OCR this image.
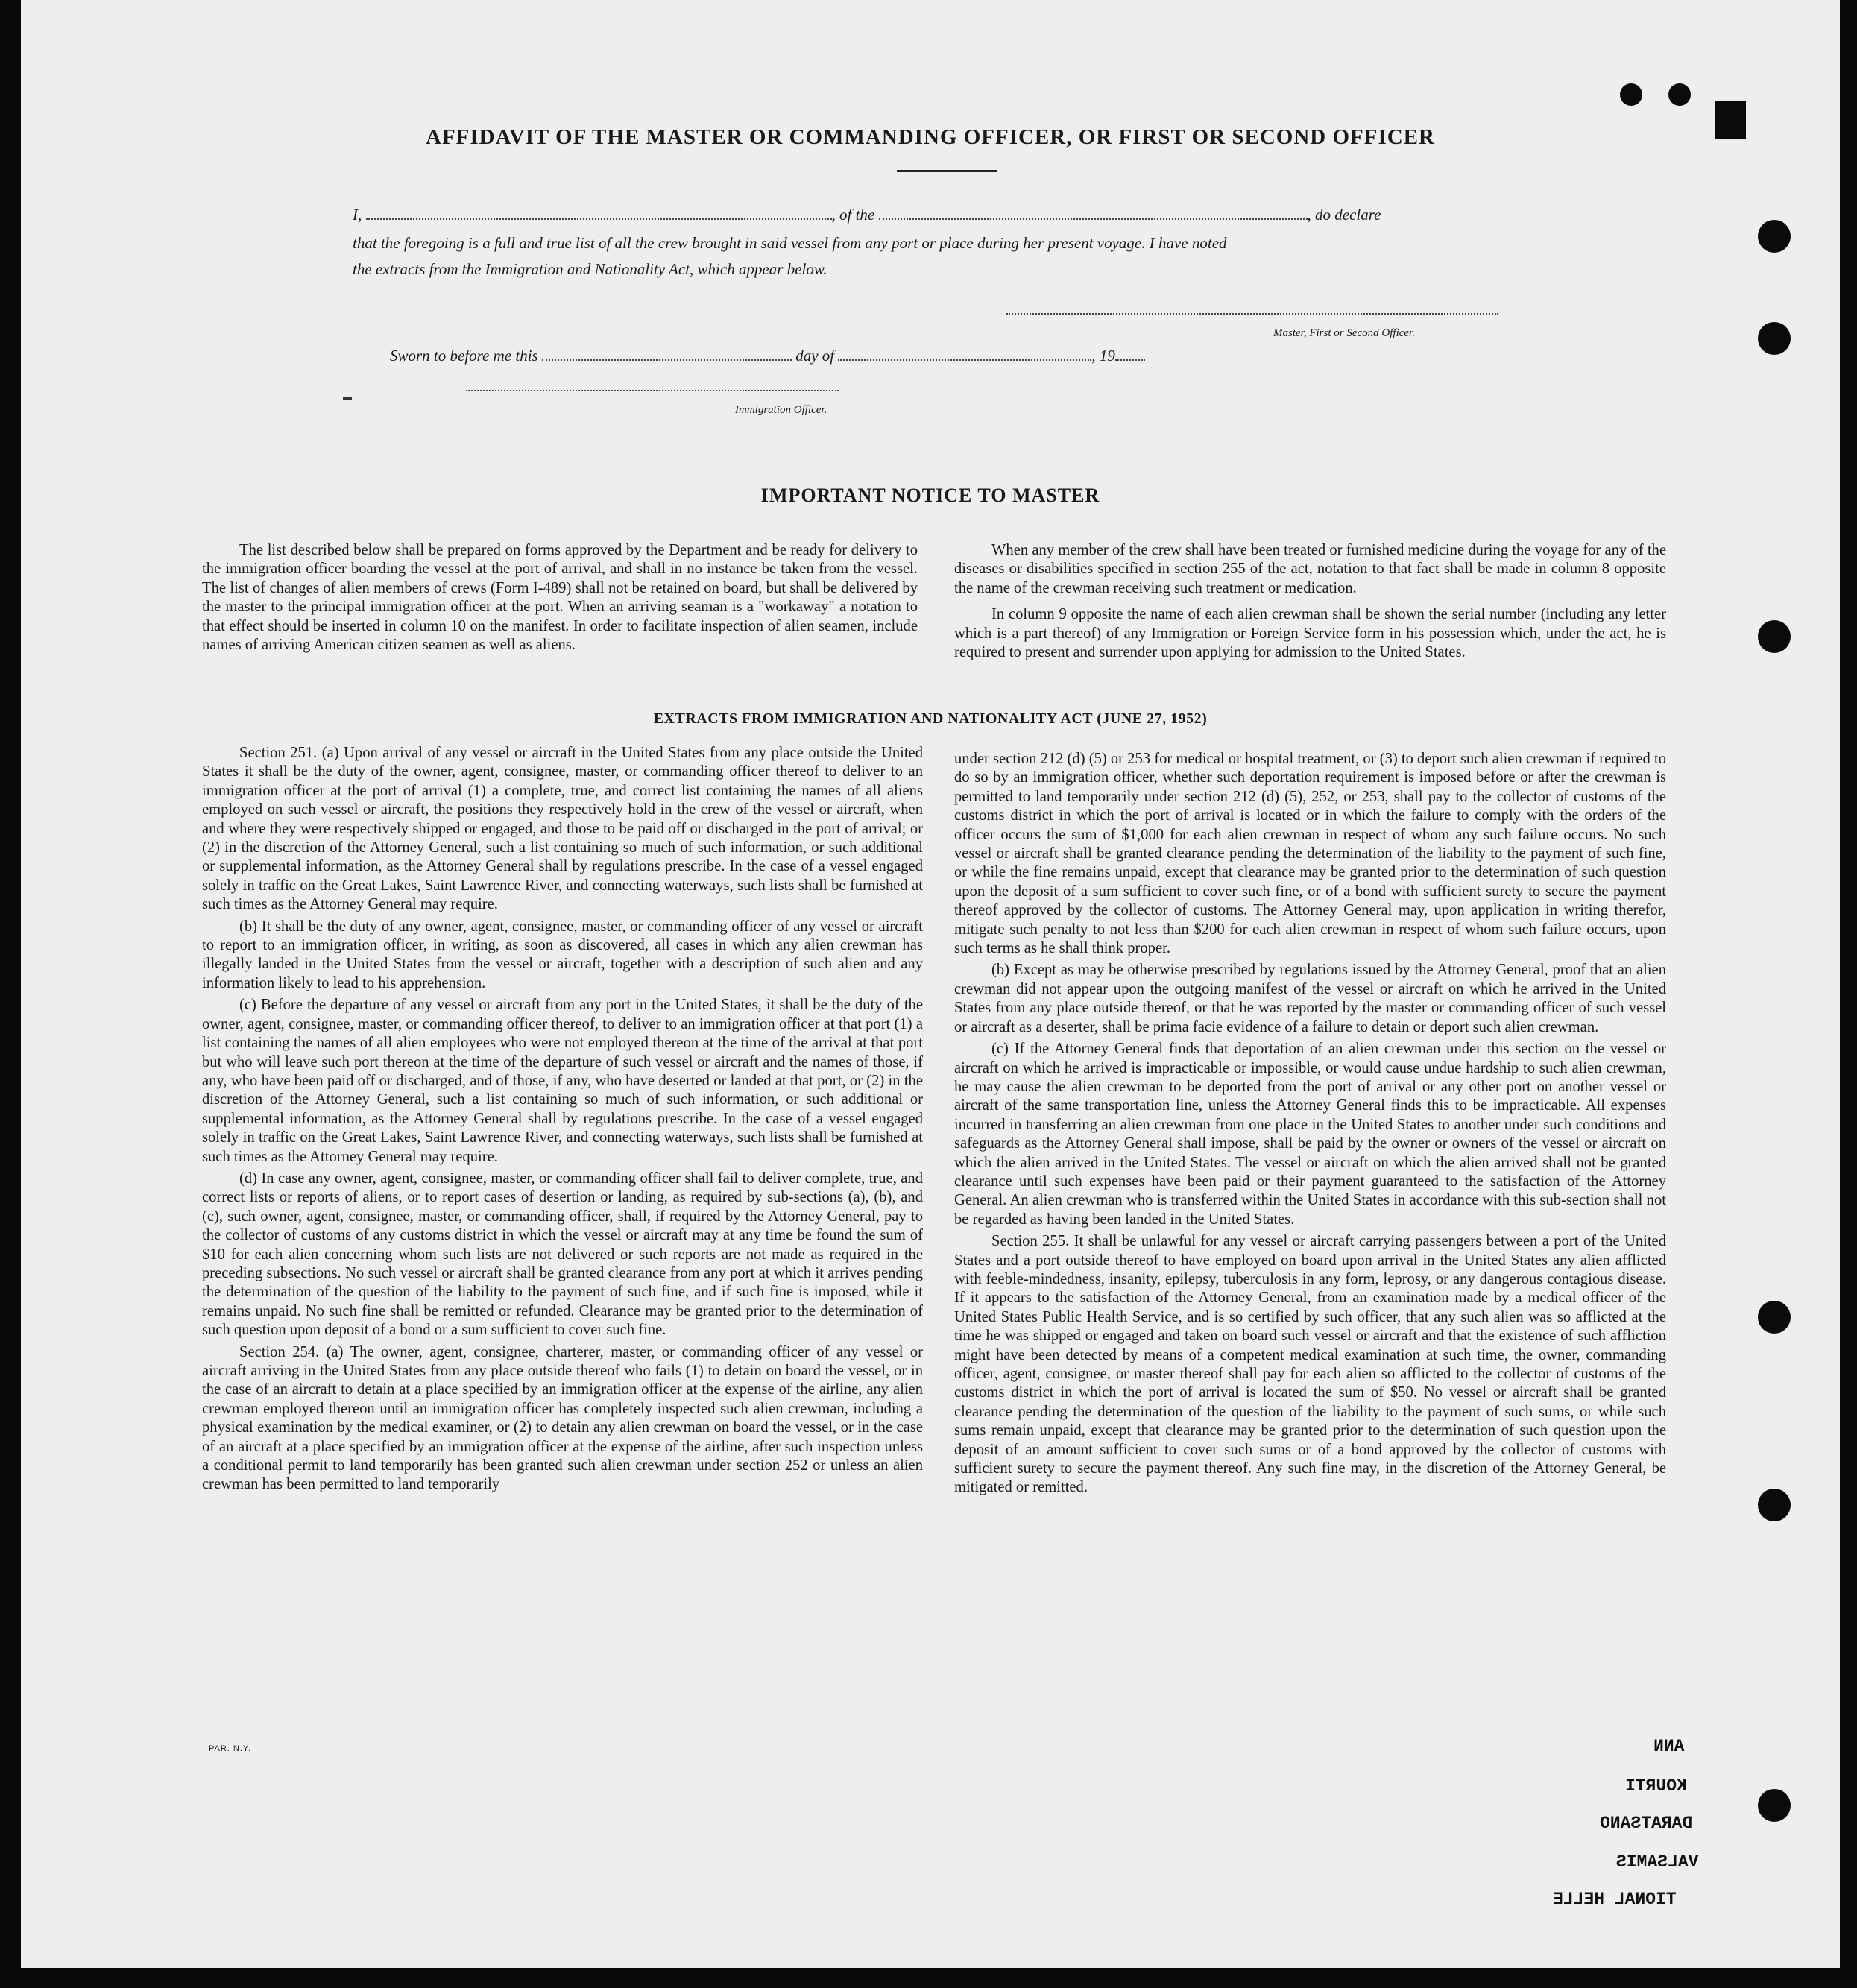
AFFIDAVIT OF THE MASTER OR COMMANDING OFFICER, OR FIRST OR SECOND OFFICER
I,	, of the	, do declare
that the foregoing is a full and true list of all the crew brought in said vessel from any port or place during her present voyage. I have noted
the extracts from the Immigration and Nationality Act, which appear below.
Master, First or Second Officer.
Sworn to before me this	day of	, 19
Immigration Officer.
IMPORTANT NOTICE TO MASTER

The list described below shall be prepared on forms approved by the Department and be ready for delivery to the immigration officer boarding the vessel at the port of arrival, and shall in no instance be taken from the vessel. The list of changes of alien members of crews (Form I-489) shall not be retained on board, but shall be delivered by the master to the principal immigration officer at the port. When an arriving seaman is a "workaway" a notation to that effect should be inserted in column 10 on the manifest. In order to facilitate inspection of alien seamen, include names of arriving American citizen seamen as well as aliens.

When any member of the crew shall have been treated or furnished medicine during the voyage for any of the diseases or disabilities specified in section 255 of the act, notation to that fact shall be made in column 8 opposite the name of the crewman receiving such treatment or medication.

In column 9 opposite the name of each alien crewman shall be shown the serial number (including any letter which is a part thereof) of any Immigration or Foreign Service form in his possession which, under the act, he is required to present and surrender upon applying for admission to the United States.

EXTRACTS FROM IMMIGRATION AND NATIONALITY ACT (JUNE 27, 1952)

Section 251. (a) Upon arrival of any vessel or aircraft in the United States from any place outside the United States it shall be the duty of the owner, agent, consignee, master, or commanding officer thereof to deliver to an immigration officer at the port of arrival (1) a complete, true, and correct list containing the names of all aliens employed on such vessel or aircraft, the positions they respectively hold in the crew of the vessel or aircraft, when and where they were respectively shipped or engaged, and those to be paid off or discharged in the port of arrival; or (2) in the discretion of the Attorney General, such a list containing so much of such information, or such additional or supplemental information, as the Attorney General shall by regulations prescribe. In the case of a vessel engaged solely in traffic on the Great Lakes, Saint Lawrence River, and connecting waterways, such lists shall be furnished at such times as the Attorney General may require.

(b) It shall be the duty of any owner, agent, consignee, master, or commanding officer of any vessel or aircraft to report to an immigration officer, in writing, as soon as discovered, all cases in which any alien crewman has illegally landed in the United States from the vessel or aircraft, together with a description of such alien and any information likely to lead to his apprehension.

(c) Before the departure of any vessel or aircraft from any port in the United States, it shall be the duty of the owner, agent, consignee, master, or commanding officer thereof, to deliver to an immigration officer at that port (1) a list containing the names of all alien employees who were not employed thereon at the time of the arrival at that port but who will leave such port thereon at the time of the departure of such vessel or aircraft and the names of those, if any, who have been paid off or discharged, and of those, if any, who have deserted or landed at that port, or (2) in the discretion of the Attorney General, such a list containing so much of such information, or such additional or supplemental information, as the Attorney General shall by regulations prescribe. In the case of a vessel engaged solely in traffic on the Great Lakes, Saint Lawrence River, and connecting waterways, such lists shall be furnished at such times as the Attorney General may require.

(d) In case any owner, agent, consignee, master, or commanding officer shall fail to deliver complete, true, and correct lists or reports of aliens, or to report cases of desertion or landing, as required by sub-sections (a), (b), and (c), such owner, agent, consignee, master, or commanding officer, shall, if required by the Attorney General, pay to the collector of customs of any customs district in which the vessel or aircraft may at any time be found the sum of $10 for each alien concerning whom such lists are not delivered or such reports are not made as required in the preceding subsections. No such vessel or aircraft shall be granted clearance from any port at which it arrives pending the determination of the question of the liability to the payment of such fine, and if such fine is imposed, while it remains unpaid. No such fine shall be remitted or refunded. Clearance may be granted prior to the determination of such question upon deposit of a bond or a sum sufficient to cover such fine.

Section 254. (a) The owner, agent, consignee, charterer, master, or commanding officer of any vessel or aircraft arriving in the United States from any place outside thereof who fails (1) to detain on board the vessel, or in the case of an aircraft to detain at a place specified by an immigration officer at the expense of the airline, any alien crewman employed thereon until an immigration officer has completely inspected such alien crewman, including a physical examination by the medical examiner, or (2) to detain any alien crewman on board the vessel, or in the case of an aircraft at a place specified by an immigration officer at the expense of the airline, after such inspection unless a conditional permit to land temporarily has been granted such alien crewman under section 252 or unless an alien crewman has been permitted to land temporarily

under section 212 (d) (5) or 253 for medical or hospital treatment, or (3) to deport such alien crewman if required to do so by an immigration officer, whether such deportation requirement is imposed before or after the crewman is permitted to land temporarily under section 212 (d) (5), 252, or 253, shall pay to the collector of customs of the customs district in which the port of arrival is located or in which the failure to comply with the orders of the officer occurs the sum of $1,000 for each alien crewman in respect of whom any such failure occurs. No such vessel or aircraft shall be granted clearance pending the determination of the liability to the payment of such fine, or while the fine remains unpaid, except that clearance may be granted prior to the determination of such question upon the deposit of a sum sufficient to cover such fine, or of a bond with sufficient surety to secure the payment thereof approved by the collector of customs. The Attorney General may, upon application in writing therefor, mitigate such penalty to not less than $200 for each alien crewman in respect of whom such failure occurs, upon such terms as he shall think proper.

(b) Except as may be otherwise prescribed by regulations issued by the Attorney General, proof that an alien crewman did not appear upon the outgoing manifest of the vessel or aircraft on which he arrived in the United States from any place outside thereof, or that he was reported by the master or commanding officer of such vessel or aircraft as a deserter, shall be prima facie evidence of a failure to detain or deport such alien crewman.

(c) If the Attorney General finds that deportation of an alien crewman under this section on the vessel or aircraft on which he arrived is impracticable or impossible, or would cause undue hardship to such alien crewman, he may cause the alien crewman to be deported from the port of arrival or any other port on another vessel or aircraft of the same transportation line, unless the Attorney General finds this to be impracticable. All expenses incurred in transferring an alien crewman from one place in the United States to another under such conditions and safeguards as the Attorney General shall impose, shall be paid by the owner or owners of the vessel or aircraft on which the alien arrived in the United States. The vessel or aircraft on which the alien arrived shall not be granted clearance until such expenses have been paid or their payment guaranteed to the satisfaction of the Attorney General. An alien crewman who is transferred within the United States in accordance with this sub-section shall not be regarded as having been landed in the United States.

Section 255. It shall be unlawful for any vessel or aircraft carrying passengers between a port of the United States and a port outside thereof to have employed on board upon arrival in the United States any alien afflicted with feeble-mindedness, insanity, epilepsy, tuberculosis in any form, leprosy, or any dangerous contagious disease. If it appears to the satisfaction of the Attorney General, from an examination made by a medical officer of the United States Public Health Service, and is so certified by such officer, that any such alien was so afflicted at the time he was shipped or engaged and taken on board such vessel or aircraft and that the existence of such affliction might have been detected by means of a competent medical examination at such time, the owner, commanding officer, agent, consignee, or master thereof shall pay for each alien so afflicted to the collector of customs of the customs district in which the port of arrival is located the sum of $50. No vessel or aircraft shall be granted clearance pending the determination of the question of the liability to the payment of such sums, or while such sums remain unpaid, except that clearance may be granted prior to the determination of such question upon the deposit of an amount sufficient to cover such sums or of a bond approved by the collector of customs with sufficient surety to secure the payment thereof. Any such fine may, in the discretion of the Attorney General, be mitigated or remitted.

PAR. N.Y.	ANN
KOURTI
DARATSANO
VALSAMIS
TIONAL HELLE
